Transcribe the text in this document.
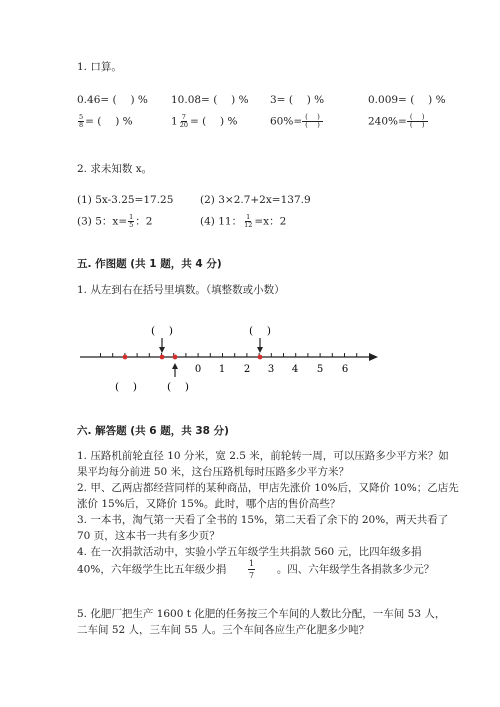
1. 口算。
0.46= (　 ) % 10.08= (　 ) % 3= (　 ) %	0.009= (　 ) %
$\frac{5}{8}$ = (　 ) %	$1 \frac{7}{20}$ = (　 ) %	$60\%= \frac{( )}{( )}$	$240\%= \frac{( )}{( )}$
2. 求未知数 x。
(1) 5x-3.25=17.25	(2) 3×2.7+2x=137.9
(3) 5：$x= \frac{1}{5}$ ：2	(4) 11： $\frac{1}{12} =x$：2
五. 作图题 (共 1 题，共 4 分)
1. 从左到右在括号里填数。（填整数或小数）
(　 )	(　 )
(　 )	(　 )
0 1 2 3 4 5 6
六. 解答题 (共 6 题，共 38 分)
1. 压路机前轮直径 10 分米，宽 2.5 米，前轮转一周，可以压路多少平方米？如
果平均每分前进 50 米，这台压路机每时压路多少平方米？
2. 甲、乙两店都经营同样的某种商品，甲店先涨价 10%后，又降价 10%；乙店先
涨价 15%后，又降价 15%。此时，哪个店的售价高些？
3. 一本书，淘气第一天看了全书的 15%，第二天看了余下的 20%，两天共看了
70 页，这本书一共有多少页？
4. 在一次捐款活动中，实验小学五年级学生共捐款 560 元，比四年级多捐
40%，六年级学生比五年级少捐	$\frac{1}{7}$ 。四、六年级学生各捐款多少元？
5. 化肥厂把生产 1600 t 化肥的任务按三个车间的人数比分配，一车间 53 人，
二车间 52 人，三车间 55 人。三个车间各应生产化肥多少吨？
